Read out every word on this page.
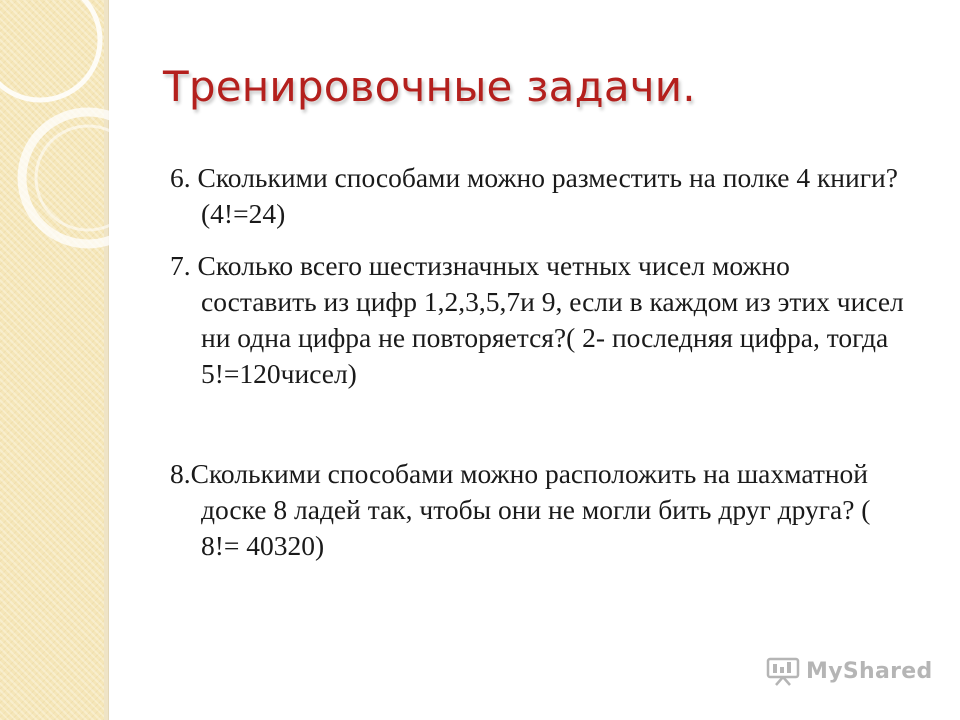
Тренировочные задачи.

6. Сколькими способами можно разместить на полке 4 книги? (4!=24)

7. Сколько всего шестизначных четных чисел можно составить из цифр 1,2,3,5,7и 9, если в каждом из этих чисел ни одна цифра не повторяется?( 2- последняя цифра, тогда 5!=120чисел)

8.Сколькими способами можно расположить на шахматной доске 8 ладей так, чтобы они не могли бить друг друга? ( 8!= 40320)

MyShared
